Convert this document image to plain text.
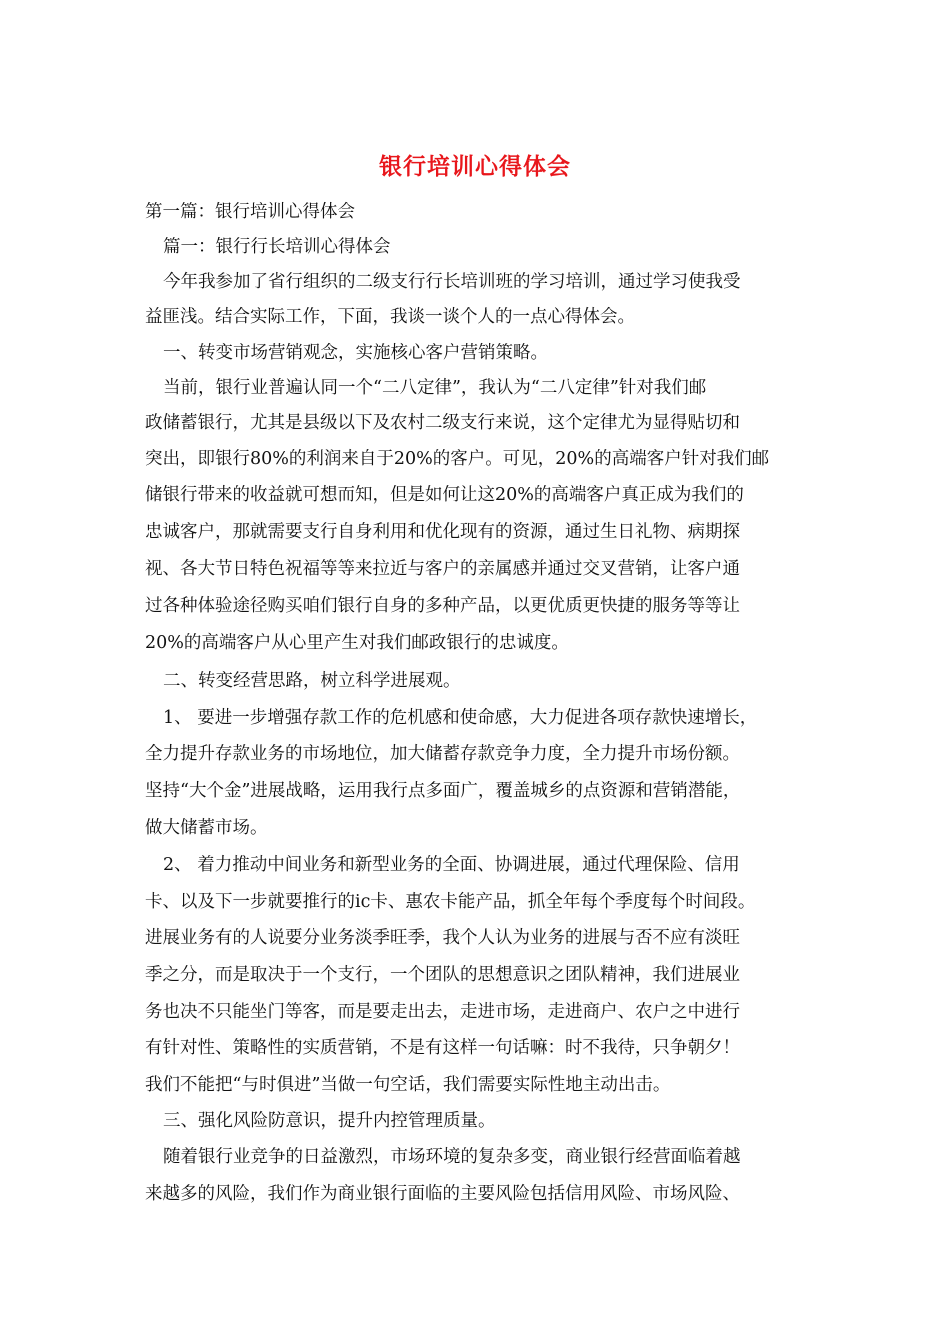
银行培训心得体会
第一篇：银行培训心得体会
篇一：银行行长培训心得体会
今年我参加了省行组织的二级支行行长培训班的学习培训，通过学习使我受
益匪浅。结合实际工作，下面，我谈一谈个人的一点心得体会。
一、转变市场营销观念，实施核心客户营销策略。
当前，银行业普遍认同一个“二八定律”，我认为“二八定律”针对我们邮
政储蓄银行，尤其是县级以下及农村二级支行来说，这个定律尤为显得贴切和
突出，即银行80%的利润来自于20%的客户。可见，20%的高端客户针对我们邮
储银行带来的收益就可想而知，但是如何让这20%的高端客户真正成为我们的
忠诚客户，那就需要支行自身利用和优化现有的资源，通过生日礼物、病期探
视、各大节日特色祝福等等来拉近与客户的亲属感并通过交叉营销，让客户通
过各种体验途径购买咱们银行自身的多种产品，以更优质更快捷的服务等等让
20%的高端客户从心里产生对我们邮政银行的忠诚度。
二、转变经营思路，树立科学进展观。
1、 要进一步增强存款工作的危机感和使命感，大力促进各项存款快速增长，
全力提升存款业务的市场地位，加大储蓄存款竞争力度，全力提升市场份额。
坚持“大个金”进展战略，运用我行点多面广，覆盖城乡的点资源和营销潜能，
做大储蓄市场。
2、 着力推动中间业务和新型业务的全面、协调进展，通过代理保险、信用
卡、以及下一步就要推行的ic卡、惠农卡能产品，抓全年每个季度每个时间段。
进展业务有的人说要分业务淡季旺季，我个人认为业务的进展与否不应有淡旺
季之分，而是取决于一个支行，一个团队的思想意识之团队精神，我们进展业
务也决不只能坐门等客，而是要走出去，走进市场，走进商户、农户之中进行
有针对性、策略性的实质营销，不是有这样一句话嘛：时不我待，只争朝夕！
我们不能把“与时俱进”当做一句空话，我们需要实际性地主动出击。
三、强化风险防意识，提升内控管理质量。
随着银行业竞争的日益激烈，市场环境的复杂多变，商业银行经营面临着越
来越多的风险，我们作为商业银行面临的主要风险包括信用风险、市场风险、
